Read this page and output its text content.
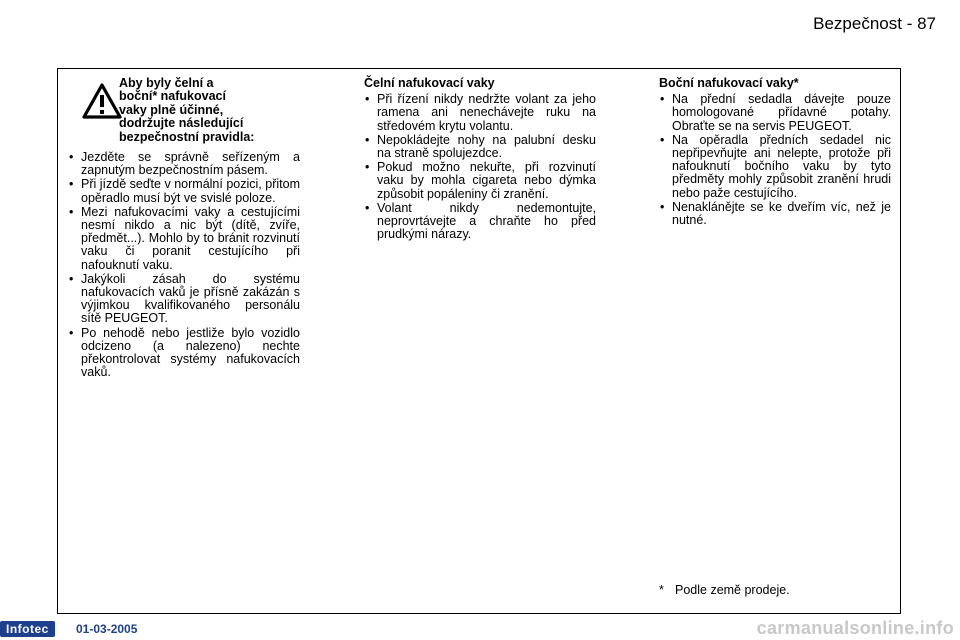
Bezpečnost - 87
Aby byly čelní a
boční* nafukovací
vaky plně účinné,
dodržujte následující
bezpečnostní pravidla:
• Jezděte se správně seřízeným a zapnutým bezpečnostním pásem.
• Při jízdě seďte v normální pozici, přitom opěradlo musí být ve svislé poloze.
• Mezi nafukovacími vaky a cestujícími nesmí nikdo a nic být (dítě, zvíře, předmět...). Mohlo by to bránit rozvinutí vaku či poranit cestujícího při nafouknutí vaku.
• Jakýkoli zásah do systému nafukovacích vaků je přísně zakázán s výjimkou kvalifikovaného personálu sítě PEUGEOT.
• Po nehodě nebo jestliže bylo vozidlo odcizeno (a nalezeno) nechte překontrolovat systémy nafukovacích vaků.
Čelní nafukovací vaky
• Při řízení nikdy nedržte volant za jeho ramena ani nenechávejte ruku na středovém krytu volantu.
• Nepokládejte nohy na palubní desku na straně spolujezdce.
• Pokud možno nekuřte, při rozvinutí vaku by mohla cigareta nebo dýmka způsobit popáleniny či zranění.
• Volant nikdy nedemontujte, neprovrtávejte a chraňte ho před prudkými nárazy.
Boční nafukovací vaky*
• Na přední sedadla dávejte pouze homologované přídavné potahy. Obraťte se na servis PEUGEOT.
• Na opěradla předních sedadel nic nepřipevňujte ani nelepte, protože při nafouknutí bočního vaku by tyto předměty mohly způsobit zranění hrudi nebo paže cestujícího.
• Nenaklánějte se ke dveřím víc, než je nutné.
* Podle zemĕ prodeje.
Infotec	01-03-2005	carmanualsonline.info
